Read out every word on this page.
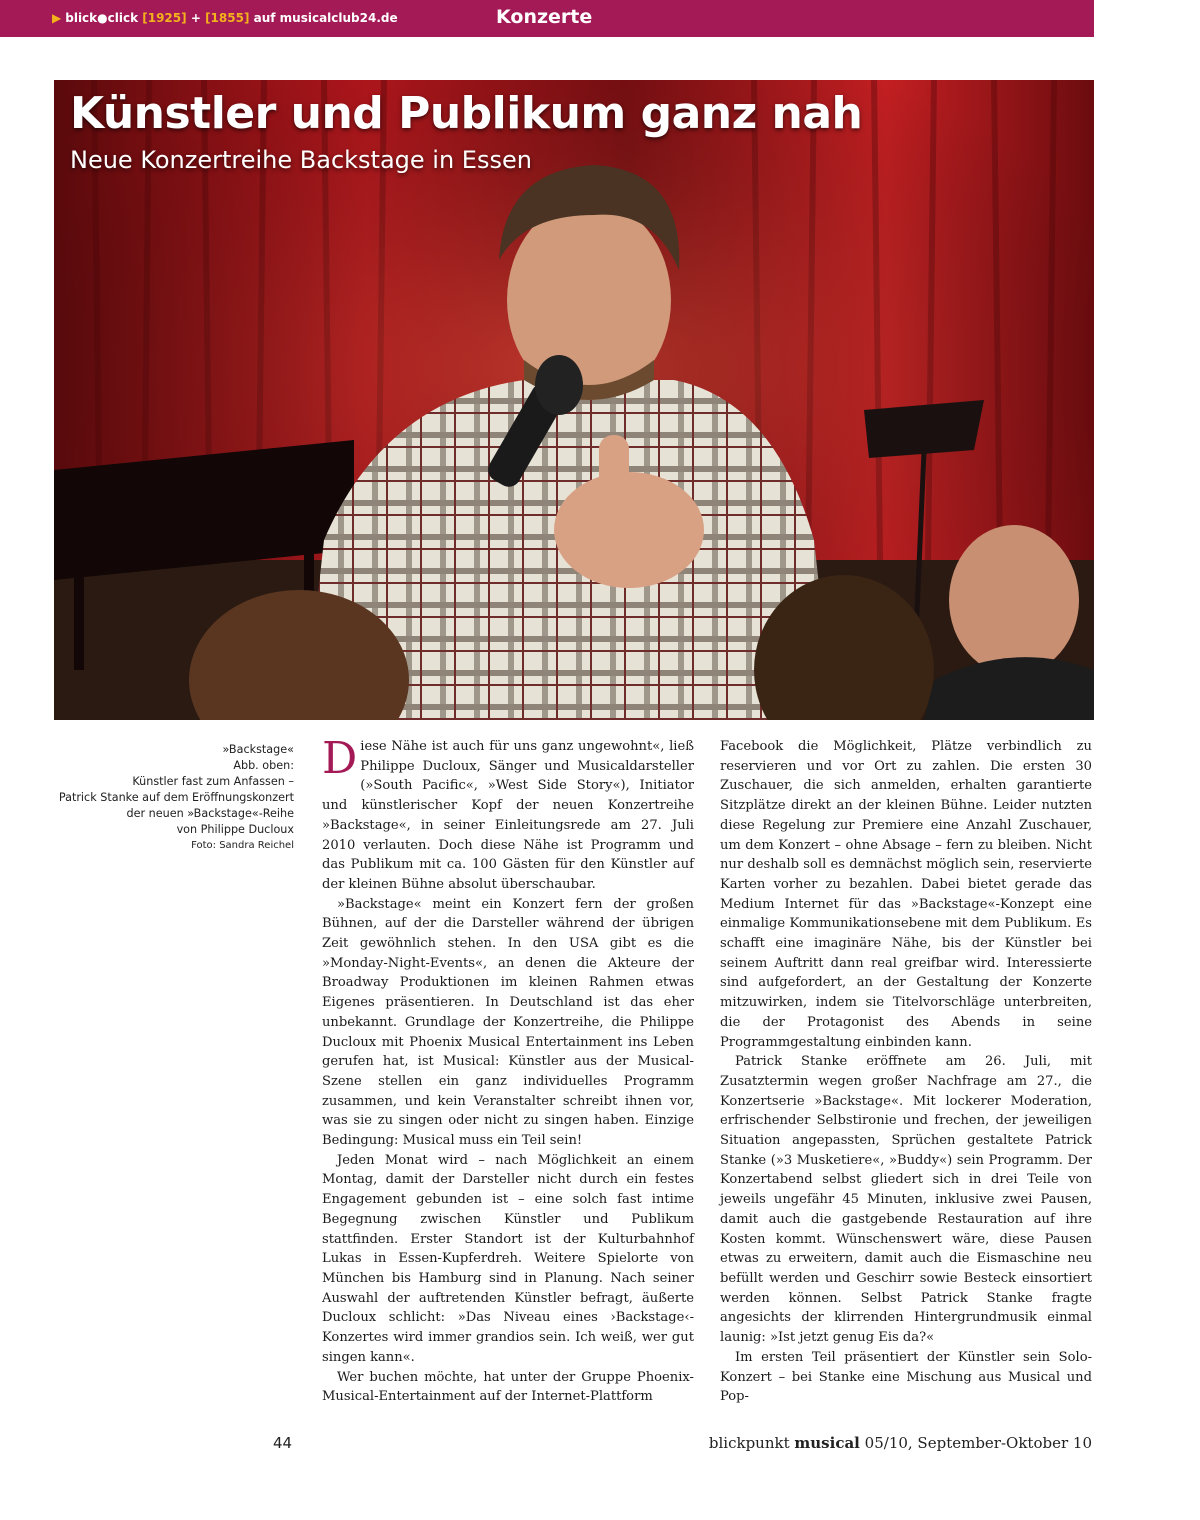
▶ blick●click [1925] + [1855] auf musicalclub24.de	Konzerte
Künstler und Publikum ganz nah
Neue Konzertreihe Backstage in Essen
»Backstage«
Abb. oben:
Künstler fast zum Anfassen –
Patrick Stanke auf dem Eröffnungskonzert
der neuen »Backstage«-Reihe
von Philippe Ducloux
Foto: Sandra Reichel

Diese Nähe ist auch für uns ganz ungewohnt«, ließ Philippe Ducloux, Sänger und Musicaldarsteller (»South Pacific«, »West Side Story«), Initiator und künstlerischer Kopf der neuen Konzertreihe »Backstage«, in seiner Einleitungsrede am 27. Juli 2010 verlauten. Doch diese Nähe ist Programm und das Publikum mit ca. 100 Gästen für den Künstler auf der kleinen Bühne absolut überschaubar.

»Backstage« meint ein Konzert fern der großen Bühnen, auf der die Darsteller während der übrigen Zeit gewöhnlich stehen. In den USA gibt es die »Monday-Night-Events«, an denen die Akteure der Broadway Produktionen im kleinen Rahmen etwas Eigenes präsentieren. In Deutschland ist das eher unbekannt. Grundlage der Konzertreihe, die Philippe Ducloux mit Phoenix Musical Entertainment ins Leben gerufen hat, ist Musical: Künstler aus der Musical-Szene stellen ein ganz individuelles Programm zusammen, und kein Veranstalter schreibt ihnen vor, was sie zu singen oder nicht zu singen haben. Einzige Bedingung: Musical muss ein Teil sein!

Jeden Monat wird – nach Möglichkeit an einem Montag, damit der Darsteller nicht durch ein festes Engagement gebunden ist – eine solch fast intime Begegnung zwischen Künstler und Publikum stattfinden. Erster Standort ist der Kulturbahnhof Lukas in Essen-Kupferdreh. Weitere Spielorte von München bis Hamburg sind in Planung. Nach seiner Auswahl der auftretenden Künstler befragt, äußerte Ducloux schlicht: »Das Niveau eines ›Backstage‹-Konzertes wird immer grandios sein. Ich weiß, wer gut singen kann«.

Wer buchen möchte, hat unter der Gruppe Phoenix-Musical-Entertainment auf der Internet-Plattform

Facebook die Möglichkeit, Plätze verbindlich zu reservieren und vor Ort zu zahlen. Die ersten 30 Zuschauer, die sich anmelden, erhalten garantierte Sitzplätze direkt an der kleinen Bühne. Leider nutzten diese Regelung zur Premiere eine Anzahl Zuschauer, um dem Konzert – ohne Absage – fern zu bleiben. Nicht nur deshalb soll es demnächst möglich sein, reservierte Karten vorher zu bezahlen. Dabei bietet gerade das Medium Internet für das »Backstage«-Konzept eine einmalige Kommunikationsebene mit dem Publikum. Es schafft eine imaginäre Nähe, bis der Künstler bei seinem Auftritt dann real greifbar wird. Interessierte sind aufgefordert, an der Gestaltung der Konzerte mitzuwirken, indem sie Titelvorschläge unterbreiten, die der Protagonist des Abends in seine Programmgestaltung einbinden kann.

Patrick Stanke eröffnete am 26. Juli, mit Zusatztermin wegen großer Nachfrage am 27., die Konzertserie »Backstage«. Mit lockerer Moderation, erfrischender Selbstironie und frechen, der jeweiligen Situation angepassten, Sprüchen gestaltete Patrick Stanke (»3 Musketiere«, »Buddy«) sein Programm. Der Konzertabend selbst gliedert sich in drei Teile von jeweils ungefähr 45 Minuten, inklusive zwei Pausen, damit auch die gastgebende Restauration auf ihre Kosten kommt. Wünschenswert wäre, diese Pausen etwas zu erweitern, damit auch die Eismaschine neu befüllt werden und Geschirr sowie Besteck einsortiert werden können. Selbst Patrick Stanke fragte angesichts der klirrenden Hintergrundmusik einmal launig: »Ist jetzt genug Eis da?«

Im ersten Teil präsentiert der Künstler sein Solo-Konzert – bei Stanke eine Mischung aus Musical und Pop-

44	blickpunkt musical 05/10, September-Oktober 10
